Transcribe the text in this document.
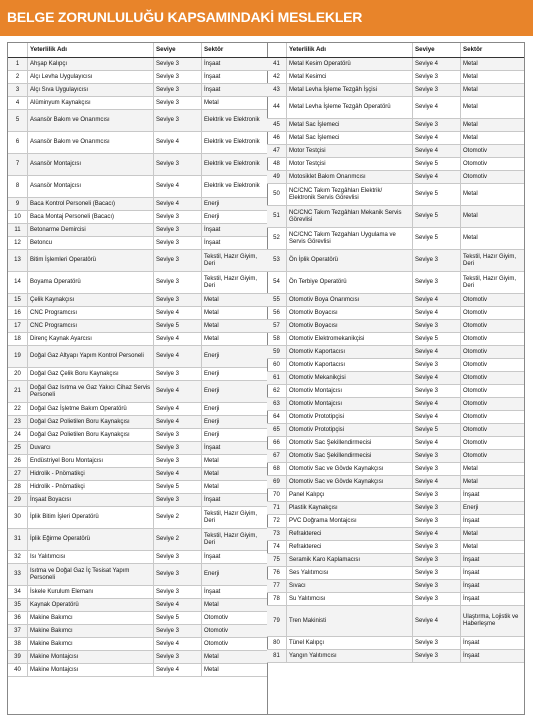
BELGE ZORUNLULUĞU KAPSAMINDAKİ MESLEKLER
Yeterlilik Adı	Seviye	Sektör
1	Ahşap Kalıpçı	Seviye 3	İnşaat
2	Alçı Levha Uygulayıcısı	Seviye 3	İnşaat
3	Alçı Sıva Uygulayıcısı	Seviye 3	İnşaat
4	Alüminyum Kaynakçısı	Seviye 3	Metal
5	Asansör Bakım ve Onarımcısı	Seviye 3	Elektrik ve Elektronik
6	Asansör Bakım ve Onarımcısı	Seviye 4	Elektrik ve Elektronik
7	Asansör Montajcısı	Seviye 3	Elektrik ve Elektronik
8	Asansör Montajcısı	Seviye 4	Elektrik ve Elektronik
9	Baca Kontrol Personeli (Bacacı)	Seviye 4	Enerji
10	Baca Montaj Personeli (Bacacı)	Seviye 3	Enerji
11	Betonarme Demircisi	Seviye 3	İnşaat
12	Betoncu	Seviye 3	İnşaat
13	Bitim İşlemleri Operatörü	Seviye 3
Tekstil, Hazır Giyim, Deri
14	Boyama Operatörü	Seviye 3
Tekstil, Hazır Giyim, Deri
15	Çelik Kaynakçısı	Seviye 3	Metal
16	CNC Programcısı	Seviye 4	Metal
17	CNC Programcısı	Seviye 5	Metal
18	Direnç Kaynak Ayarcısı	Seviye 4	Metal
19	Doğal Gaz Altyapı Yapım Kontrol Personeli	Seviye 4	Enerji
20	Doğal Gaz Çelik Boru Kaynakçısı	Seviye 3	Enerji
21
Doğal Gaz Isıtma ve Gaz Yakıcı Cihaz Servis Personeli
Seviye 4	Enerji
22	Doğal Gaz İşletme Bakım Operatörü	Seviye 4	Enerji
23	Doğal Gaz Polietilen Boru Kaynakçısı	Seviye 4	Enerji
24	Doğal Gaz Polietilen Boru Kaynakçısı	Seviye 3	Enerji
25	Duvarcı	Seviye 3	İnşaat
26	Endüstriyel Boru Montajcısı	Seviye 3	Metal
27	Hidrolik - Pnömatikçi	Seviye 4	Metal
28	Hidrolik - Pnömatikçi	Seviye 5	Metal
29	İnşaat Boyacısı	Seviye 3	İnşaat
30	İplik Bitim İşleri Operatörü	Seviye 2
Tekstil, Hazır Giyim, Deri
31	İplik Eğirme Operatörü	Seviye 2
Tekstil, Hazır Giyim, Deri
32	Isı Yalıtımcısı	Seviye 3	İnşaat
33
Isıtma ve Doğal Gaz İç Tesisat Yapım Personeli
Seviye 3	Enerji
34	İskele Kurulum Elemanı	Seviye 3	İnşaat
35	Kaynak Operatörü	Seviye 4	Metal
36	Makine Bakımcı	Seviye 5	Otomotiv
37	Makine Bakımcı	Seviye 3	Otomotiv
38	Makine Bakımcı	Seviye 4	Otomotiv
39	Makine Montajcısı	Seviye 3	Metal
40	Makine Montajcısı	Seviye 4	Metal
Yeterlilik Adı	Seviye	Sektör
41	Metal Kesim Operatörü	Seviye 4	Metal
42	Metal Kesimci	Seviye 3	Metal
43	Metal Levha İşleme Tezgâh İşçisi	Seviye 3	Metal
44	Metal Levha İşleme Tezgâh Operatörü	Seviye 4	Metal
45	Metal Sac İşlemeci	Seviye 3	Metal
46	Metal Sac İşlemeci	Seviye 4	Metal
47	Motor Testçisi	Seviye 4	Otomotiv
48	Motor Testçisi	Seviye 5	Otomotiv
49	Motosiklet Bakım Onarımcısı	Seviye 4	Otomotiv
50
NC/CNC Takım Tezgâhları Elektrik/ Elektronik Servis Görevlisi
Seviye 5	Metal
51
NC/CNC Takım Tezgâhları Mekanik Servis Görevlisi
Seviye 5	Metal
52
NC/CNC Takım Tezgahları Uygulama ve Servis Görevlisi
Seviye 5	Metal
53	Ön İplik Operatörü	Seviye 3
Tekstil, Hazır Giyim, Deri
54	Ön Terbiye Operatörü	Seviye 3
Tekstil, Hazır Giyim, Deri
55	Otomotiv Boya Onarımcısı	Seviye 4	Otomotiv
56	Otomotiv Boyacısı	Seviye 4	Otomotiv
57	Otomotiv Boyacısı	Seviye 3	Otomotiv
58	Otomotiv Elektromekanikçisi	Seviye 5	Otomotiv
59	Otomotiv Kaportacısı	Seviye 4	Otomotiv
60	Otomotiv Kaportacısı	Seviye 3	Otomotiv
61	Otomotiv Mekanikçisi	Seviye 4	Otomotiv
62	Otomotiv Montajcısı	Seviye 3	Otomotiv
63	Otomotiv Montajcısı	Seviye 4	Otomotiv
64	Otomotiv Prototipçisi	Seviye 4	Otomotiv
65	Otomotiv Prototipçisi	Seviye 5	Otomotiv
66	Otomotiv Sac Şekillendirmecisi	Seviye 4	Otomotiv
67	Otomotiv Sac Şekillendirmecisi	Seviye 3	Otomotiv
68	Otomotiv Sac ve Gövde Kaynakçısı	Seviye 3	Metal
69	Otomotiv Sac ve Gövde Kaynakçısı	Seviye 4	Metal
70	Panel Kalıpçı	Seviye 3	İnşaat
71	Plastik Kaynakçısı	Seviye 3	Enerji
72	PVC Doğrama Montajcısı	Seviye 3	İnşaat
73	Refraktereci	Seviye 4	Metal
74	Refraktereci	Seviye 3	Metal
75	Seramik Karo Kaplamacısı	Seviye 3	İnşaat
76	Ses Yalıtımcısı	Seviye 3	İnşaat
77	Sıvacı	Seviye 3	İnşaat
78	Su Yalıtımcısı	Seviye 3	İnşaat
79	Tren Makinisti	Seviye 4
Ulaştırma, Lojistik ve Haberleşme
80	Tünel Kalıpçı	Seviye 3	İnşaat
81	Yangın Yalıtımcısı	Seviye 3	İnşaat
